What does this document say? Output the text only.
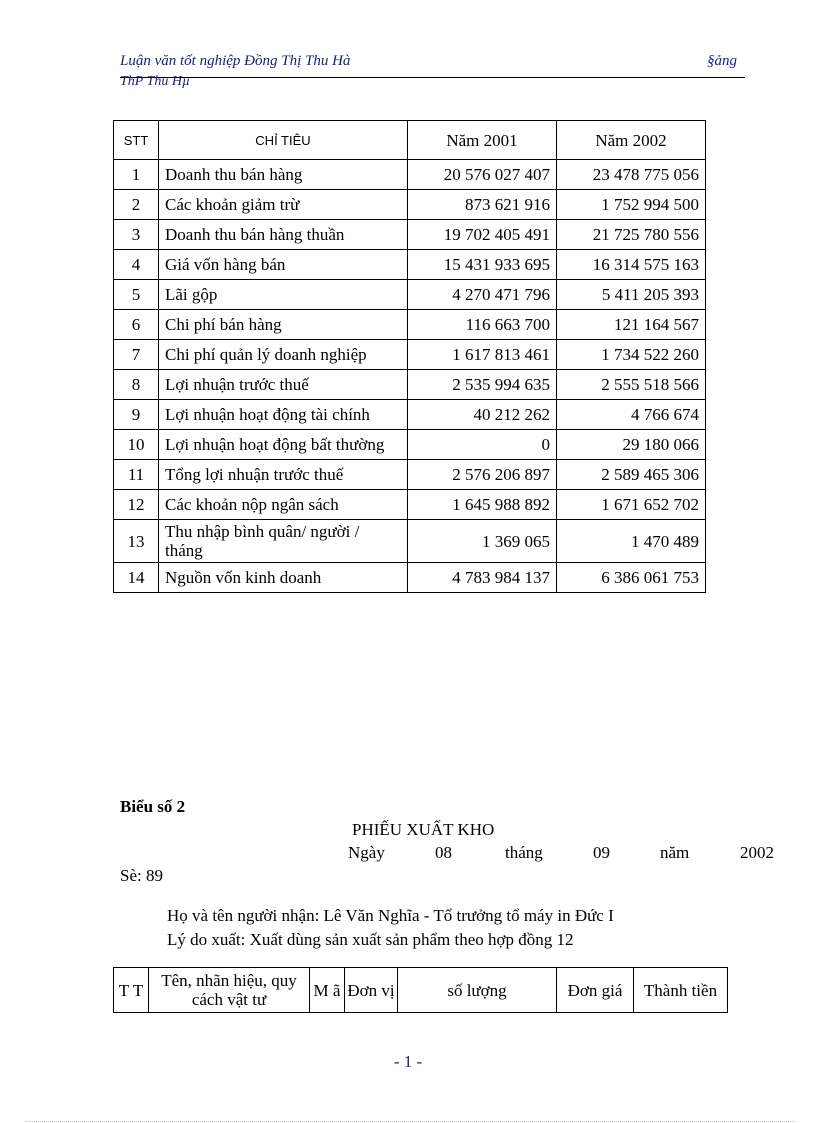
Luận văn tốt nghiệp Đồng Thị Thu Hà	§ảng
ThP Thu Hµ
STT	CHỈ TIÊU	Năm 2001	Năm 2002
1	Doanh thu bán hàng	20 576 027 407	23 478 775 056
2	Các khoản giảm trừ	873 621 916	1 752 994 500
3	Doanh thu bán hàng thuần	19 702 405 491	21 725 780 556
4	Giá vốn hàng bán	15 431 933 695	16 314 575 163
5	Lãi gộp	4 270 471 796	5 411 205 393
6	Chi phí bán hàng	116 663 700	121 164 567
7	Chi phí quản lý doanh nghiệp	1 617 813 461	1 734 522 260
8	Lợi nhuận trước thuế	2 535 994 635	2 555 518 566
9	Lợi nhuận hoạt động tài chính	40 212 262	4 766 674
10	Lợi nhuận hoạt động bất thường	0	29 180 066
11	Tổng lợi nhuận trước thuế	2 576 206 897	2 589 465 306
12	Các khoản nộp ngân sách	1 645 988 892	1 671 652 702
13	Thu nhập bình quân/ người / tháng	1 369 065	1 470 489
14	Nguồn vốn kinh doanh	4 783 984 137	6 386 061 753
Biểu số 2
PHIẾU XUẤT KHO
Ngày	08	tháng	09	năm	2002
Sè: 89
Họ và tên người nhận: Lê Văn Nghĩa - Tổ trưởng tổ máy in Đức I
Lý do xuất: Xuất dùng sản xuất sản phẩm theo hợp đồng 12
T T	Tên, nhãn hiệu, quy cách vật tư	M ã	Đơn vị	số lượng	Đơn giá	Thành tiền
- 1 -
